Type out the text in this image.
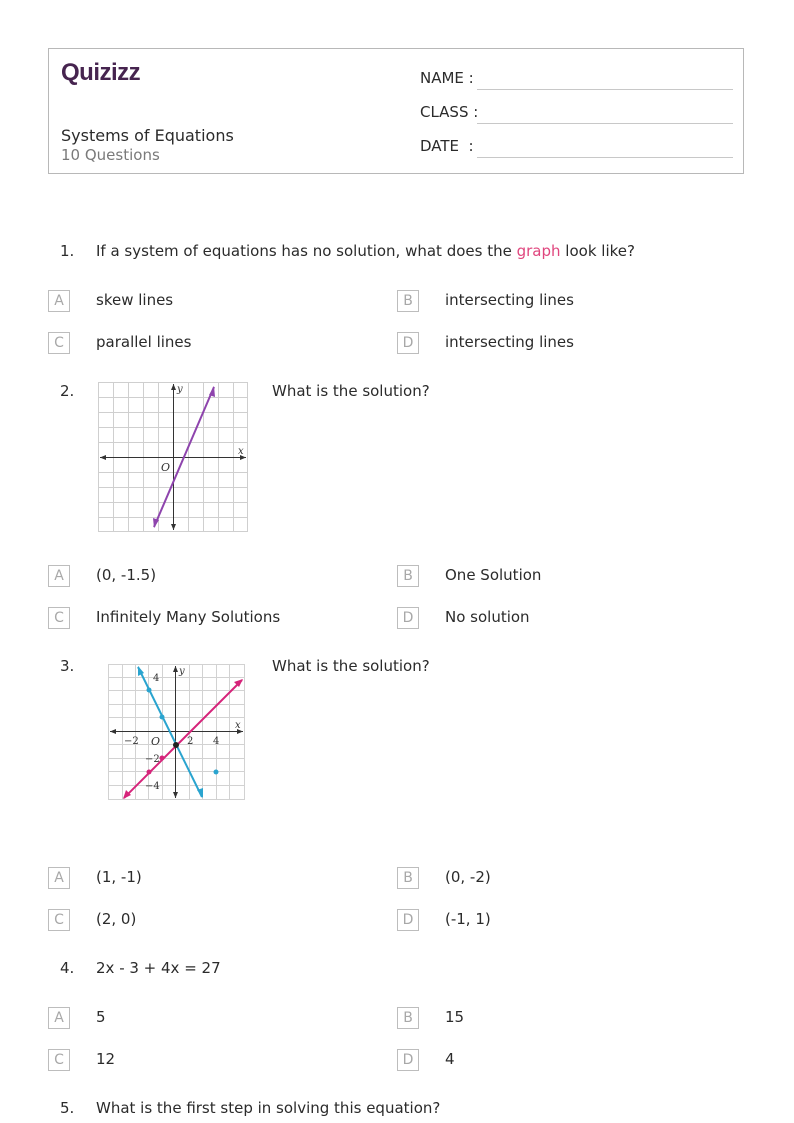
Quizizz
Systems of Equations
10 Questions
NAME :
CLASS :
DATE  :
1. If a system of equations has no solution, what does the graph look like?
A	skew lines	B	intersecting lines
C	parallel lines	D	intersecting lines
2.
x
y
O
What is the solution?
A	(0, -1.5)	B	One Solution
C	Infinitely Many Solutions	D	No solution
3.
x
y
O
−2	2 4
4
−2
−4
What is the solution?
A	(1, -1)	B	(0, -2)
C	(2, 0)	D	(-1, 1)
4. 2x - 3 + 4x = 27
A	5	B	15
C	12	D	4
5. What is the first step in solving this equation?
